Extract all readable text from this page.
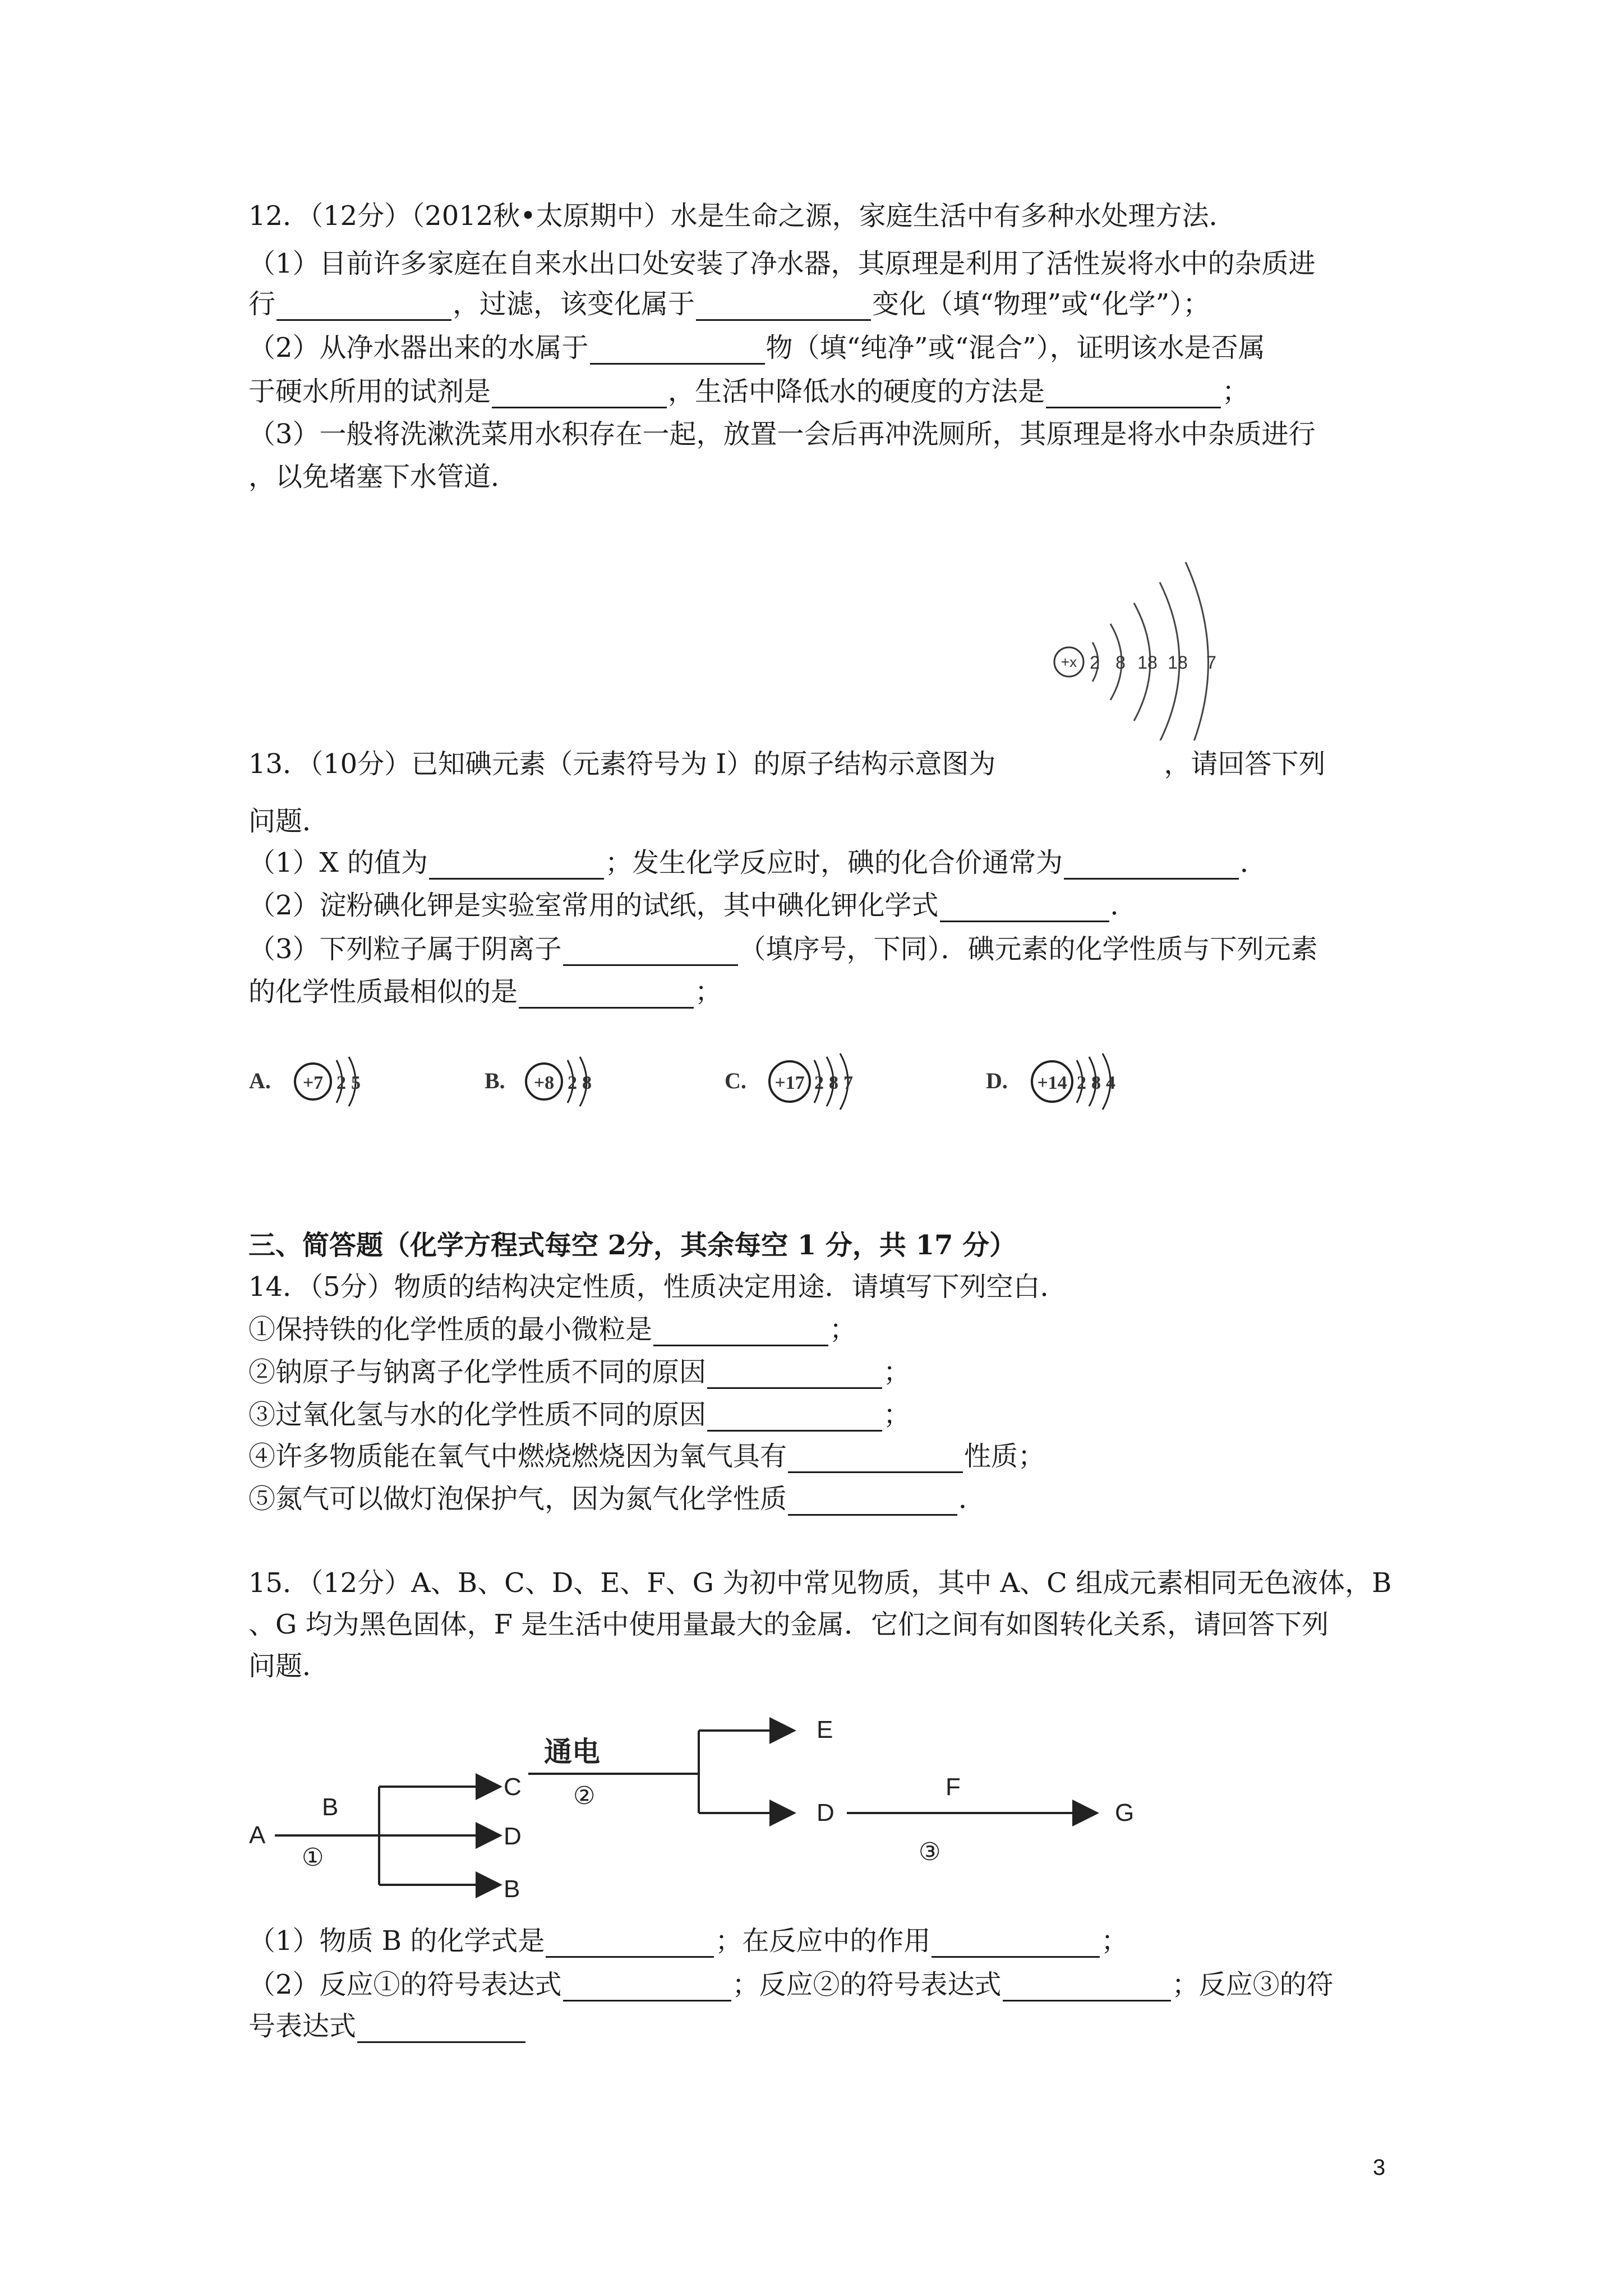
12．（12分）（2012秋•太原期中）水是生命之源，家庭生活中有多种水处理方法．
（1）目前许多家庭在自来水出口处安装了净水器，其原理是利用了活性炭将水中的杂质进
行	，过滤，该变化属于	变化（填“物理”或“化学”）；
（2）从净水器出来的水属于	物（填“纯净”或“混合”），证明该水是否属
于硬水所用的试剂是	，生活中降低水的硬度的方法是	；
（3）一般将洗漱洗菜用水积存在一起，放置一会后再冲洗厕所，其原理是将水中杂质进行
，以免堵塞下水管道．
+x 2 8 18 18 7
13．（10分）已知碘元素（元素符号为 I）的原子结构示意图为	，请回答下列
问题．
（1）X 的值为	；发生化学反应时，碘的化合价通常为	．
（2）淀粉碘化钾是实验室常用的试纸，其中碘化钾化学式	．
（3）下列粒子属于阴离子	（填序号，下同）．碘元素的化学性质与下列元素
的化学性质最相似的是	；
A. +7 2 5	B. +8 2 8	C. +17 2 8 7	D. +14 2 8 4
三、简答题（化学方程式每空 2分，其余每空 1 分，共 17 分）
14．（5分）物质的结构决定性质，性质决定用途．请填写下列空白．
①保持铁的化学性质的最小微粒是	；
②钠原子与钠离子化学性质不同的原因	；
③过氧化氢与水的化学性质不同的原因	；
④许多物质能在氧气中燃烧燃烧因为氧气具有	性质；
⑤氮气可以做灯泡保护气，因为氮气化学性质	．
15．（12分）A、B、C、D、E、F、G 为初中常见物质，其中 A、C 组成元素相同无色液体，B
、G 均为黑色固体，F 是生活中使用量最大的金属．它们之间有如图转化关系，请回答下列
问题．
A
B
①
C
D
B
通电
②
E
D
F
G
③
（1）物质 B 的化学式是	；在反应中的作用	；
（2）反应①的符号表达式	；反应②的符号表达式	；反应③的符
号表达式
3
